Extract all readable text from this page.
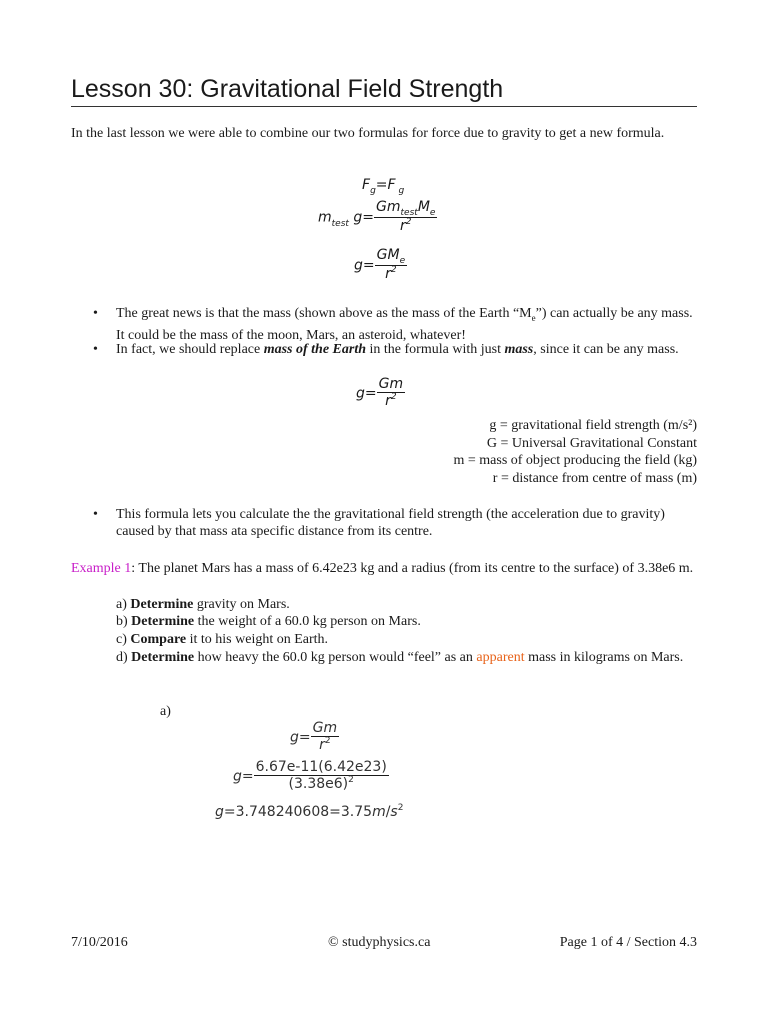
Lesson 30: Gravitational Field Strength
In the last lesson we were able to combine our two formulas for force due to gravity to get a new formula.
$F_g=F$ $_g$
$m_{test}$ $g= \frac{Gm_{test}M_e}{r^2}$
$g= \frac{GM_e}{r^2}$
• The great news is that the mass (shown above as the mass of the Earth “$M_e$”) can actually be any mass. It could be the mass of the moon, Mars, an asteroid, whatever!
• In fact, we should replace mass of the Earth in the formula with just mass, since it can be any mass.
$g= \frac{Gm}{r^2}$
g = gravitational field strength (m/s²)
G = Universal Gravitational Constant
m = mass of object producing the field (kg)
r = distance from centre of mass (m)
• This formula lets you calculate the the gravitational field strength (the acceleration due to gravity) caused by that mass ata specific distance from its centre.
Example 1: The planet Mars has a mass of 6.42e23 kg and a radius (from its centre to the surface) of 3.38e6 m.
a) Determine gravity on Mars.
b) Determine the weight of a 60.0 kg person on Mars.
c) Compare it to his weight on Earth.
d) Determine how heavy the 60.0 kg person would “feel” as an apparent mass in kilograms on Mars.
a)
$g= \frac{Gm}{r^2}$
$g= \frac{6.67e-11(6.42e23)}{(3.38e6)^2}$
$g=3.748240608=3.75m/s^2$
7/10/2016	© studyphysics.ca	Page 1 of 4 / Section 4.3
